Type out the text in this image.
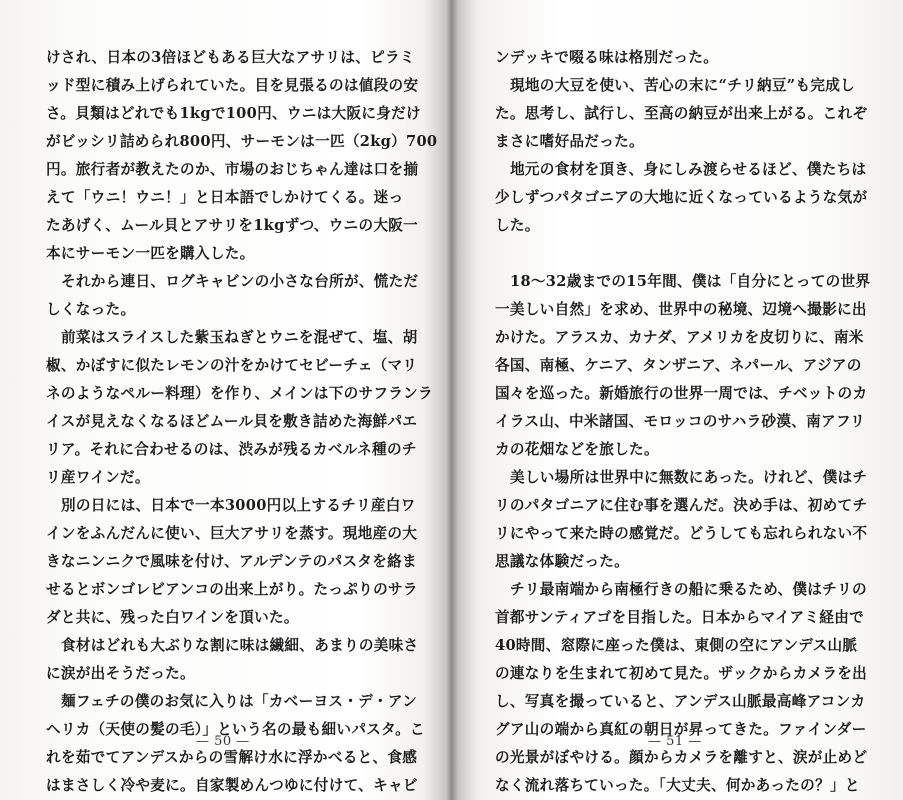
けされ、日本の3倍ほどもある巨大なアサリは、ピラミ
ッド型に積み上げられていた。目を見張るのは値段の安
さ。貝類はどれでも1kgで100円、ウニは大阪に身だけ
がビッシリ詰められ800円、サーモンは一匹（2kg）700
円。旅行者が教えたのか、市場のおじちゃん達は口を揃
えて「ウニ！ウニ！」と日本語でしかけてくる。迷っ
たあげく、ムール貝とアサリを1kgずつ、ウニの大阪一
本にサーモン一匹を購入した。
それから連日、ログキャビンの小さな台所が、慌ただ
しくなった。
前菜はスライスした紫玉ねぎとウニを混ぜて、塩、胡
椒、かぼすに似たレモンの汁をかけてセビーチェ（マリ
ネのようなペルー料理）を作り、メインは下のサフランラ
イスが見えなくなるほどムール貝を敷き詰めた海鮮パエ
リア。それに合わせるのは、渋みが残るカベルネ種のチ
リ産ワインだ。
別の日には、日本で一本3000円以上するチリ産白ワ
インをふんだんに使い、巨大アサリを蒸す。現地産の大
きなニンニクで風味を付け、アルデンテのパスタを絡ま
せるとボンゴレビアンコの出来上がり。たっぷりのサラ
ダと共に、残った白ワインを頂いた。
食材はどれも大ぶりな割に味は繊細、あまりの美味さ
に涙が出そうだった。
麺フェチの僕のお気に入りは「カベーヨス・デ・アン
ヘリカ（天使の髪の毛）」という名の最も細いパスタ。こ
れを茹でてアンデスからの雪解け水に浮かべると、食感
はまさしく冷や麦に。自家製めんつゆに付けて、キャビ
— 50 —
ンデッキで啜る味は格別だった。
現地の大豆を使い、苦心の末に“チリ納豆”も完成し
た。思考し、試行し、至高の納豆が出来上がる。これぞ
まさに嗜好品だった。
地元の食材を頂き、身にしみ渡らせるほど、僕たちは
少しずつパタゴニアの大地に近くなっているような気が
した。
18〜32歳までの15年間、僕は「自分にとっての世界
一美しい自然」を求め、世界中の秘境、辺境へ撮影に出
かけた。アラスカ、カナダ、アメリカを皮切りに、南米
各国、南極、ケニア、タンザニア、ネパール、アジアの
国々を巡った。新婚旅行の世界一周では、チベットのカ
イラス山、中米諸国、モロッコのサハラ砂漠、南アフリ
カの花畑などを旅した。
美しい場所は世界中に無数にあった。けれど、僕はチ
リのパタゴニアに住む事を選んだ。決め手は、初めてチ
リにやって来た時の感覚だ。どうしても忘れられない不
思議な体験だった。
チリ最南端から南極行きの船に乗るため、僕はチリの
首都サンティアゴを目指した。日本からマイアミ経由で
40時間、窓際に座った僕は、東側の空にアンデス山脈
の連なりを生まれて初めて見た。ザックからカメラを出
し、写真を撮っていると、アンデス山脈最高峰アコンカ
グア山の端から真紅の朝日が昇ってきた。ファインダー
の光景がぼやける。顔からカメラを離すと、涙が止めど
なく流れ落ちていった。「大丈夫、何かあったの？」と
— 51 —
